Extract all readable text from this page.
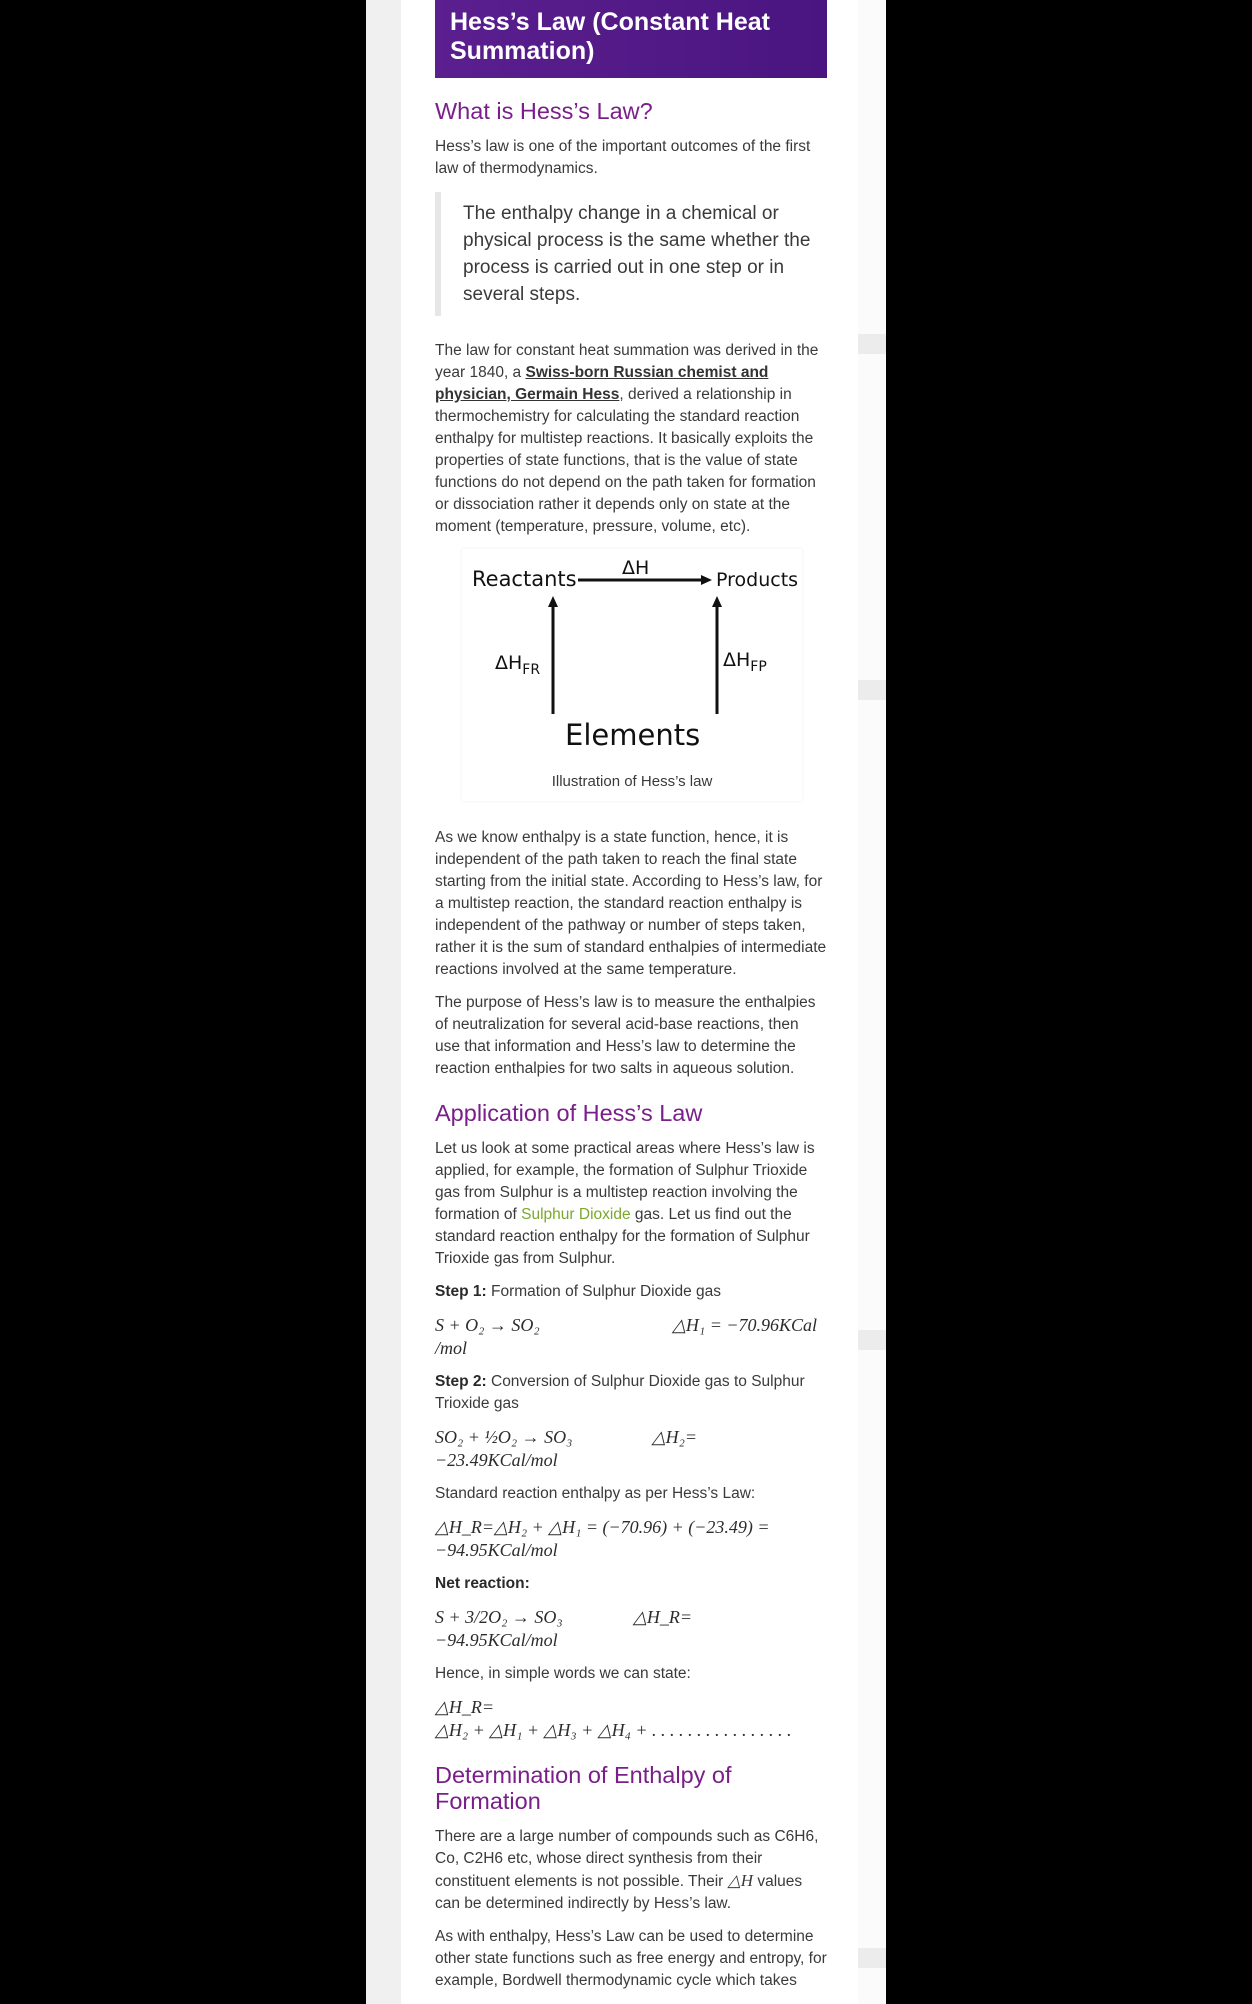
Hess’s Law (Constant Heat Summation)
What is Hess’s Law?

Hess’s law is one of the important outcomes of the first law of thermodynamics.

The enthalpy change in a chemical or physical process is the same whether the process is carried out in one step or in several steps.

The law for constant heat summation was derived in the year 1840, a Swiss-born Russian chemist and physician, Germain Hess, derived a relationship in thermochemistry for calculating the standard reaction enthalpy for multistep reactions. It basically exploits the properties of state functions, that is the value of state functions do not depend on the path taken for formation or dissociation rather it depends only on state at the moment (temperature, pressure, volume, etc).

Reactants	Products
ΔH
$\Delta H_{FR}$	$\Delta H_{FP}$
Elements
Illustration of Hess’s law

As we know enthalpy is a state function, hence, it is independent of the path taken to reach the final state starting from the initial state. According to Hess’s law, for a multistep reaction, the standard reaction enthalpy is independent of the pathway or number of steps taken, rather it is the sum of standard enthalpies of intermediate reactions involved at the same temperature.

The purpose of Hess’s law is to measure the enthalpies of neutralization for several acid-base reactions, then use that information and Hess’s law to determine the reaction enthalpies for two salts in aqueous solution.

Application of Hess’s Law

Let us look at some practical areas where Hess’s law is applied, for example, the formation of Sulphur Trioxide gas from Sulphur is a multistep reaction involving the formation of Sulphur Dioxide gas. Let us find out the standard reaction enthalpy for the formation of Sulphur Trioxide gas from Sulphur.

Step 1: Formation of Sulphur Dioxide gas

S + O₂ → SO₂	△H₁ = −70.96KCal
/mol

Step 2: Conversion of Sulphur Dioxide gas to Sulphur Trioxide gas

SO₂ + ½O₂ → SO₃	△H₂=
−23.49KCal/mol

Standard reaction enthalpy as per Hess’s Law:

△H_R=△H₂ + △H₁ = (−70.96) + (−23.49) =
−94.95KCal/mol

Net reaction:

S + 3/2O₂ → SO₃	△H_R=
−94.95KCal/mol

Hence, in simple words we can state:

△H_R=
△H₂ + △H₁ + △H₃ + △H₄ + . . . . . . . . . . . . . . . .
Determination of Enthalpy of Formation

There are a large number of compounds such as C6H6, Co, C2H6 etc, whose direct synthesis from their constituent elements is not possible. Their △H values can be determined indirectly by Hess’s law.

As with enthalpy, Hess’s Law can be used to determine other state functions such as free energy and entropy, for example, Bordwell thermodynamic cycle which takes
